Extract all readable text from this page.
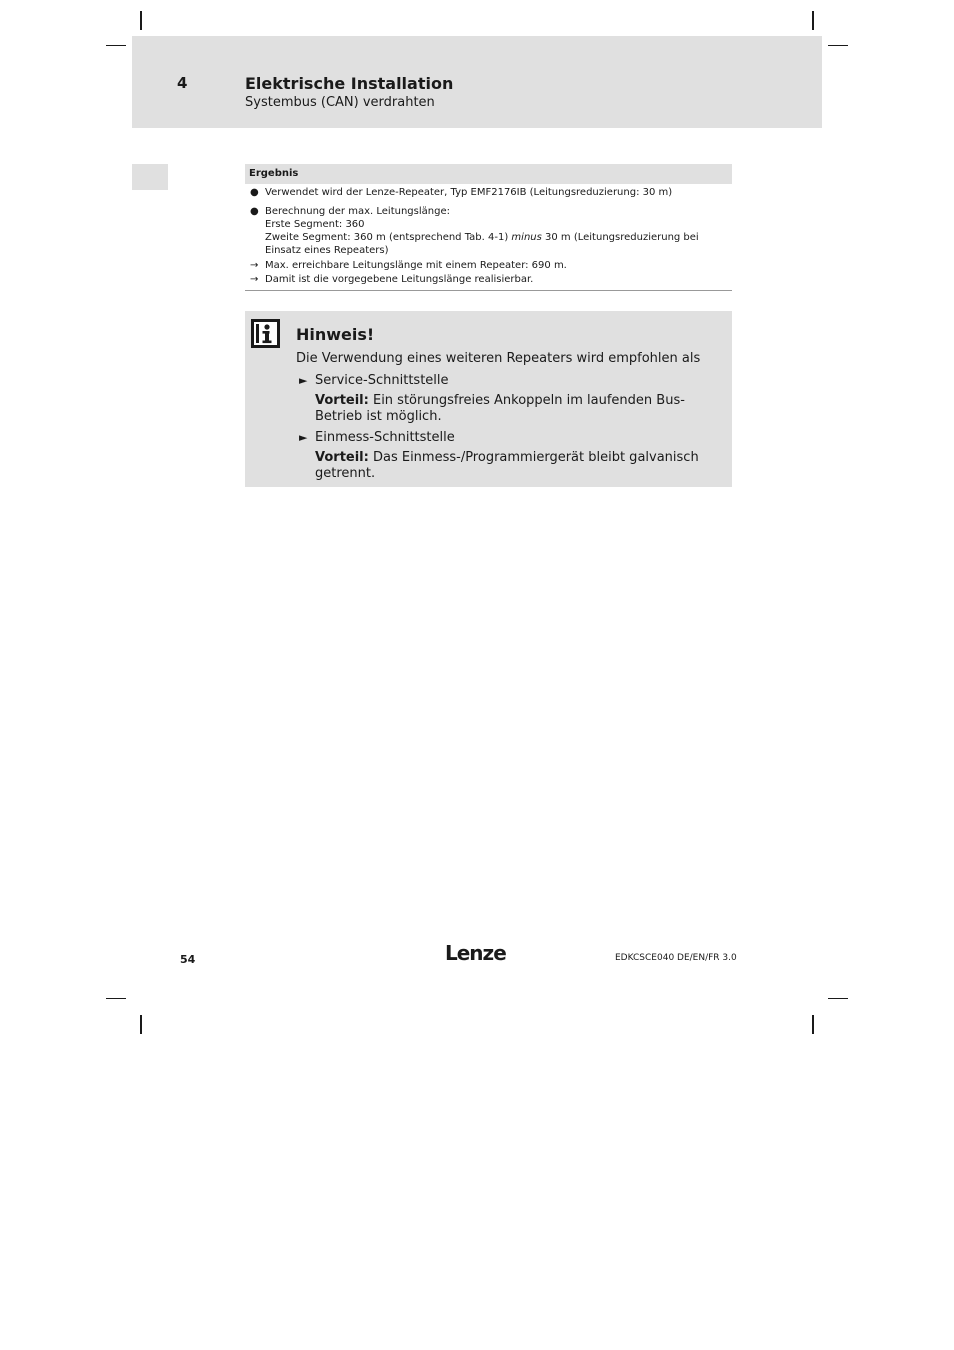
4	Elektrische Installation
Systembus (CAN) verdrahten
Ergebnis
● Verwendet wird der Lenze-Repeater, Typ EMF2176IB (Leitungsreduzierung: 30 m)
● Berechnung der max. Leitungslänge:
Erste Segment: 360
Zweite Segment: 360 m (entsprechend Tab. 4-1) minus 30 m (Leitungsreduzierung bei Einsatz eines Repeaters)
→ Max. erreichbare Leitungslänge mit einem Repeater: 690 m.
→ Damit ist die vorgegebene Leitungslänge realisierbar.
Hinweis!
Die Verwendung eines weiteren Repeaters wird empfohlen als
► Service-Schnittstelle
Vorteil: Ein störungsfreies Ankoppeln im laufenden Bus-Betrieb ist möglich.
► Einmess-Schnittstelle
Vorteil: Das Einmess-/Programmiergerät bleibt galvanisch getrennt.
54	Lenze	EDKCSCE040 DE/EN/FR 3.0
